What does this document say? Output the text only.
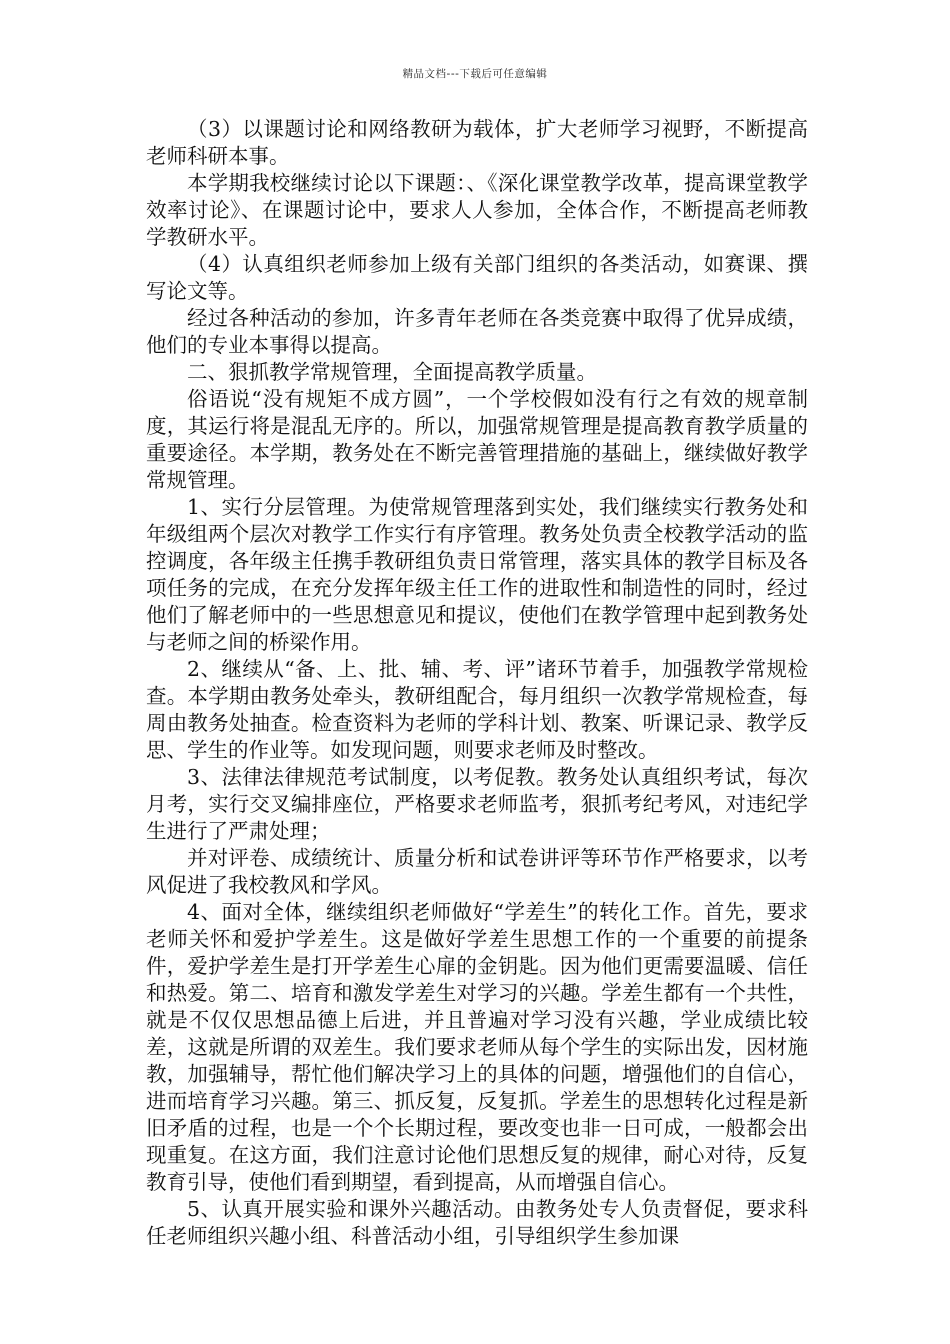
精品文档---下载后可任意编辑

（3）以课题讨论和网络教研为载体，扩大老师学习视野，不断提高老师科研本事。

本学期我校继续讨论以下课题：、《深化课堂教学改革，提高课堂教学效率讨论》、在课题讨论中，要求人人参加，全体合作，不断提高老师教学教研水平。

（4）认真组织老师参加上级有关部门组织的各类活动，如赛课、撰写论文等。

经过各种活动的参加，许多青年老师在各类竞赛中取得了优异成绩，他们的专业本事得以提高。

二、狠抓教学常规管理，全面提高教学质量。

俗语说“没有规矩不成方圆”，一个学校假如没有行之有效的规章制度，其运行将是混乱无序的。所以，加强常规管理是提高教育教学质量的重要途径。本学期，教务处在不断完善管理措施的基础上，继续做好教学常规管理。

1、实行分层管理。为使常规管理落到实处，我们继续实行教务处和年级组两个层次对教学工作实行有序管理。教务处负责全校教学活动的监控调度，各年级主任携手教研组负责日常管理，落实具体的教学目标及各项任务的完成，在充分发挥年级主任工作的进取性和制造性的同时，经过他们了解老师中的一些思想意见和提议，使他们在教学管理中起到教务处与老师之间的桥梁作用。

2、继续从“备、上、批、辅、考、评”诸环节着手，加强教学常规检查。本学期由教务处牵头，教研组配合，每月组织一次教学常规检查，每周由教务处抽查。检查资料为老师的学科计划、教案、听课记录、教学反思、学生的作业等。如发现问题，则要求老师及时整改。

3、法律法律规范考试制度，以考促教。教务处认真组织考试，每次月考，实行交叉编排座位，严格要求老师监考，狠抓考纪考风，对违纪学生进行了严肃处理；

并对评卷、成绩统计、质量分析和试卷讲评等环节作严格要求，以考风促进了我校教风和学风。

4、面对全体，继续组织老师做好“学差生”的转化工作。首先，要求老师关怀和爱护学差生。这是做好学差生思想工作的一个重要的前提条件，爱护学差生是打开学差生心扉的金钥匙。因为他们更需要温暖、信任和热爱。第二、培育和激发学差生对学习的兴趣。学差生都有一个共性，就是不仅仅思想品德上后进，并且普遍对学习没有兴趣，学业成绩比较差，这就是所谓的双差生。我们要求老师从每个学生的实际出发，因材施教，加强辅导，帮忙他们解决学习上的具体的问题，增强他们的自信心，进而培育学习兴趣。第三、抓反复，反复抓。学差生的思想转化过程是新旧矛盾的过程，也是一个个长期过程，要改变也非一日可成，一般都会出现重复。在这方面，我们注意讨论他们思想反复的规律，耐心对待，反复教育引导，使他们看到期望，看到提高，从而增强自信心。

5、认真开展实验和课外兴趣活动。由教务处专人负责督促，要求科任老师组织兴趣小组、科普活动小组，引导组织学生参加课
